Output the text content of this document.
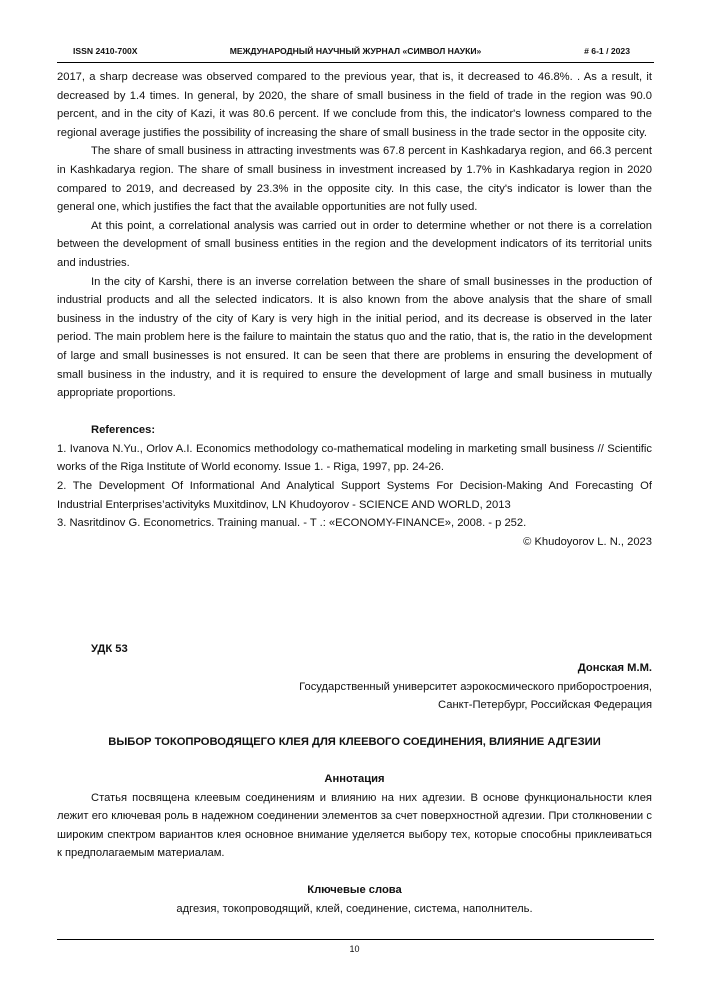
ISSN 2410-700X	МЕЖДУНАРОДНЫЙ НАУЧНЫЙ ЖУРНАЛ «СИМВОЛ НАУКИ»	# 6-1 / 2023

2017, a sharp decrease was observed compared to the previous year, that is, it decreased to 46.8%. . As a result, it decreased by 1.4 times. In general, by 2020, the share of small business in the field of trade in the region was 90.0 percent, and in the city of Kazi, it was 80.6 percent. If we conclude from this, the indicator's lowness compared to the regional average justifies the possibility of increasing the share of small business in the trade sector in the opposite city.

The share of small business in attracting investments was 67.8 percent in Kashkadarya region, and 66.3 percent in Kashkadarya region. The share of small business in investment increased by 1.7% in Kashkadarya region in 2020 compared to 2019, and decreased by 23.3% in the opposite city. In this case, the city's indicator is lower than the general one, which justifies the fact that the available opportunities are not fully used.

At this point, a correlational analysis was carried out in order to determine whether or not there is a correlation between the development of small business entities in the region and the development indicators of its territorial units and industries.

In the city of Karshi, there is an inverse correlation between the share of small businesses in the production of industrial products and all the selected indicators. It is also known from the above analysis that the share of small business in the industry of the city of Kary is very high in the initial period, and its decrease is observed in the later period. The main problem here is the failure to maintain the status quo and the ratio, that is, the ratio in the development of large and small businesses is not ensured. It can be seen that there are problems in ensuring the development of small business in the industry, and it is required to ensure the development of large and small business in mutually appropriate proportions.

References:

1. Ivanova N.Yu., Orlov A.I. Economics methodology co-mathematical modeling in marketing small business // Scientific works of the Riga Institute of World economy. Issue 1. - Riga, 1997, pp. 24-26.

2. The Development Of Informational And Analytical Support Systems For Decision-Making And Forecasting Of Industrial Enterprises’activityks Muxitdinov, LN Khudoyorov - SCIENCE AND WORLD, 2013

3. Nasritdinov G. Econometrics. Training manual. - T .: «ECONOMY-FINANCE», 2008. - p 252.

© Khudoyorov L. N., 2023

УДК 53

Донская М.М.

Государственный университет аэрокосмического приборостроения,

Санкт-Петербург, Российская Федерация

ВЫБОР ТОКОПРОВОДЯЩЕГО КЛЕЯ ДЛЯ КЛЕЕВОГО СОЕДИНЕНИЯ, ВЛИЯНИЕ АДГЕЗИИ

Аннотация

Статья посвящена клеевым соединениям и влиянию на них адгезии. В основе функциональности клея лежит его ключевая роль в надежном соединении элементов за счет поверхностной адгезии. При столкновении с широким спектром вариантов клея основное внимание уделяется выбору тех, которые способны приклеиваться к предполагаемым материалам.

Ключевые слова

адгезия, токопроводящий, клей, соединение, система, наполнитель.

10
